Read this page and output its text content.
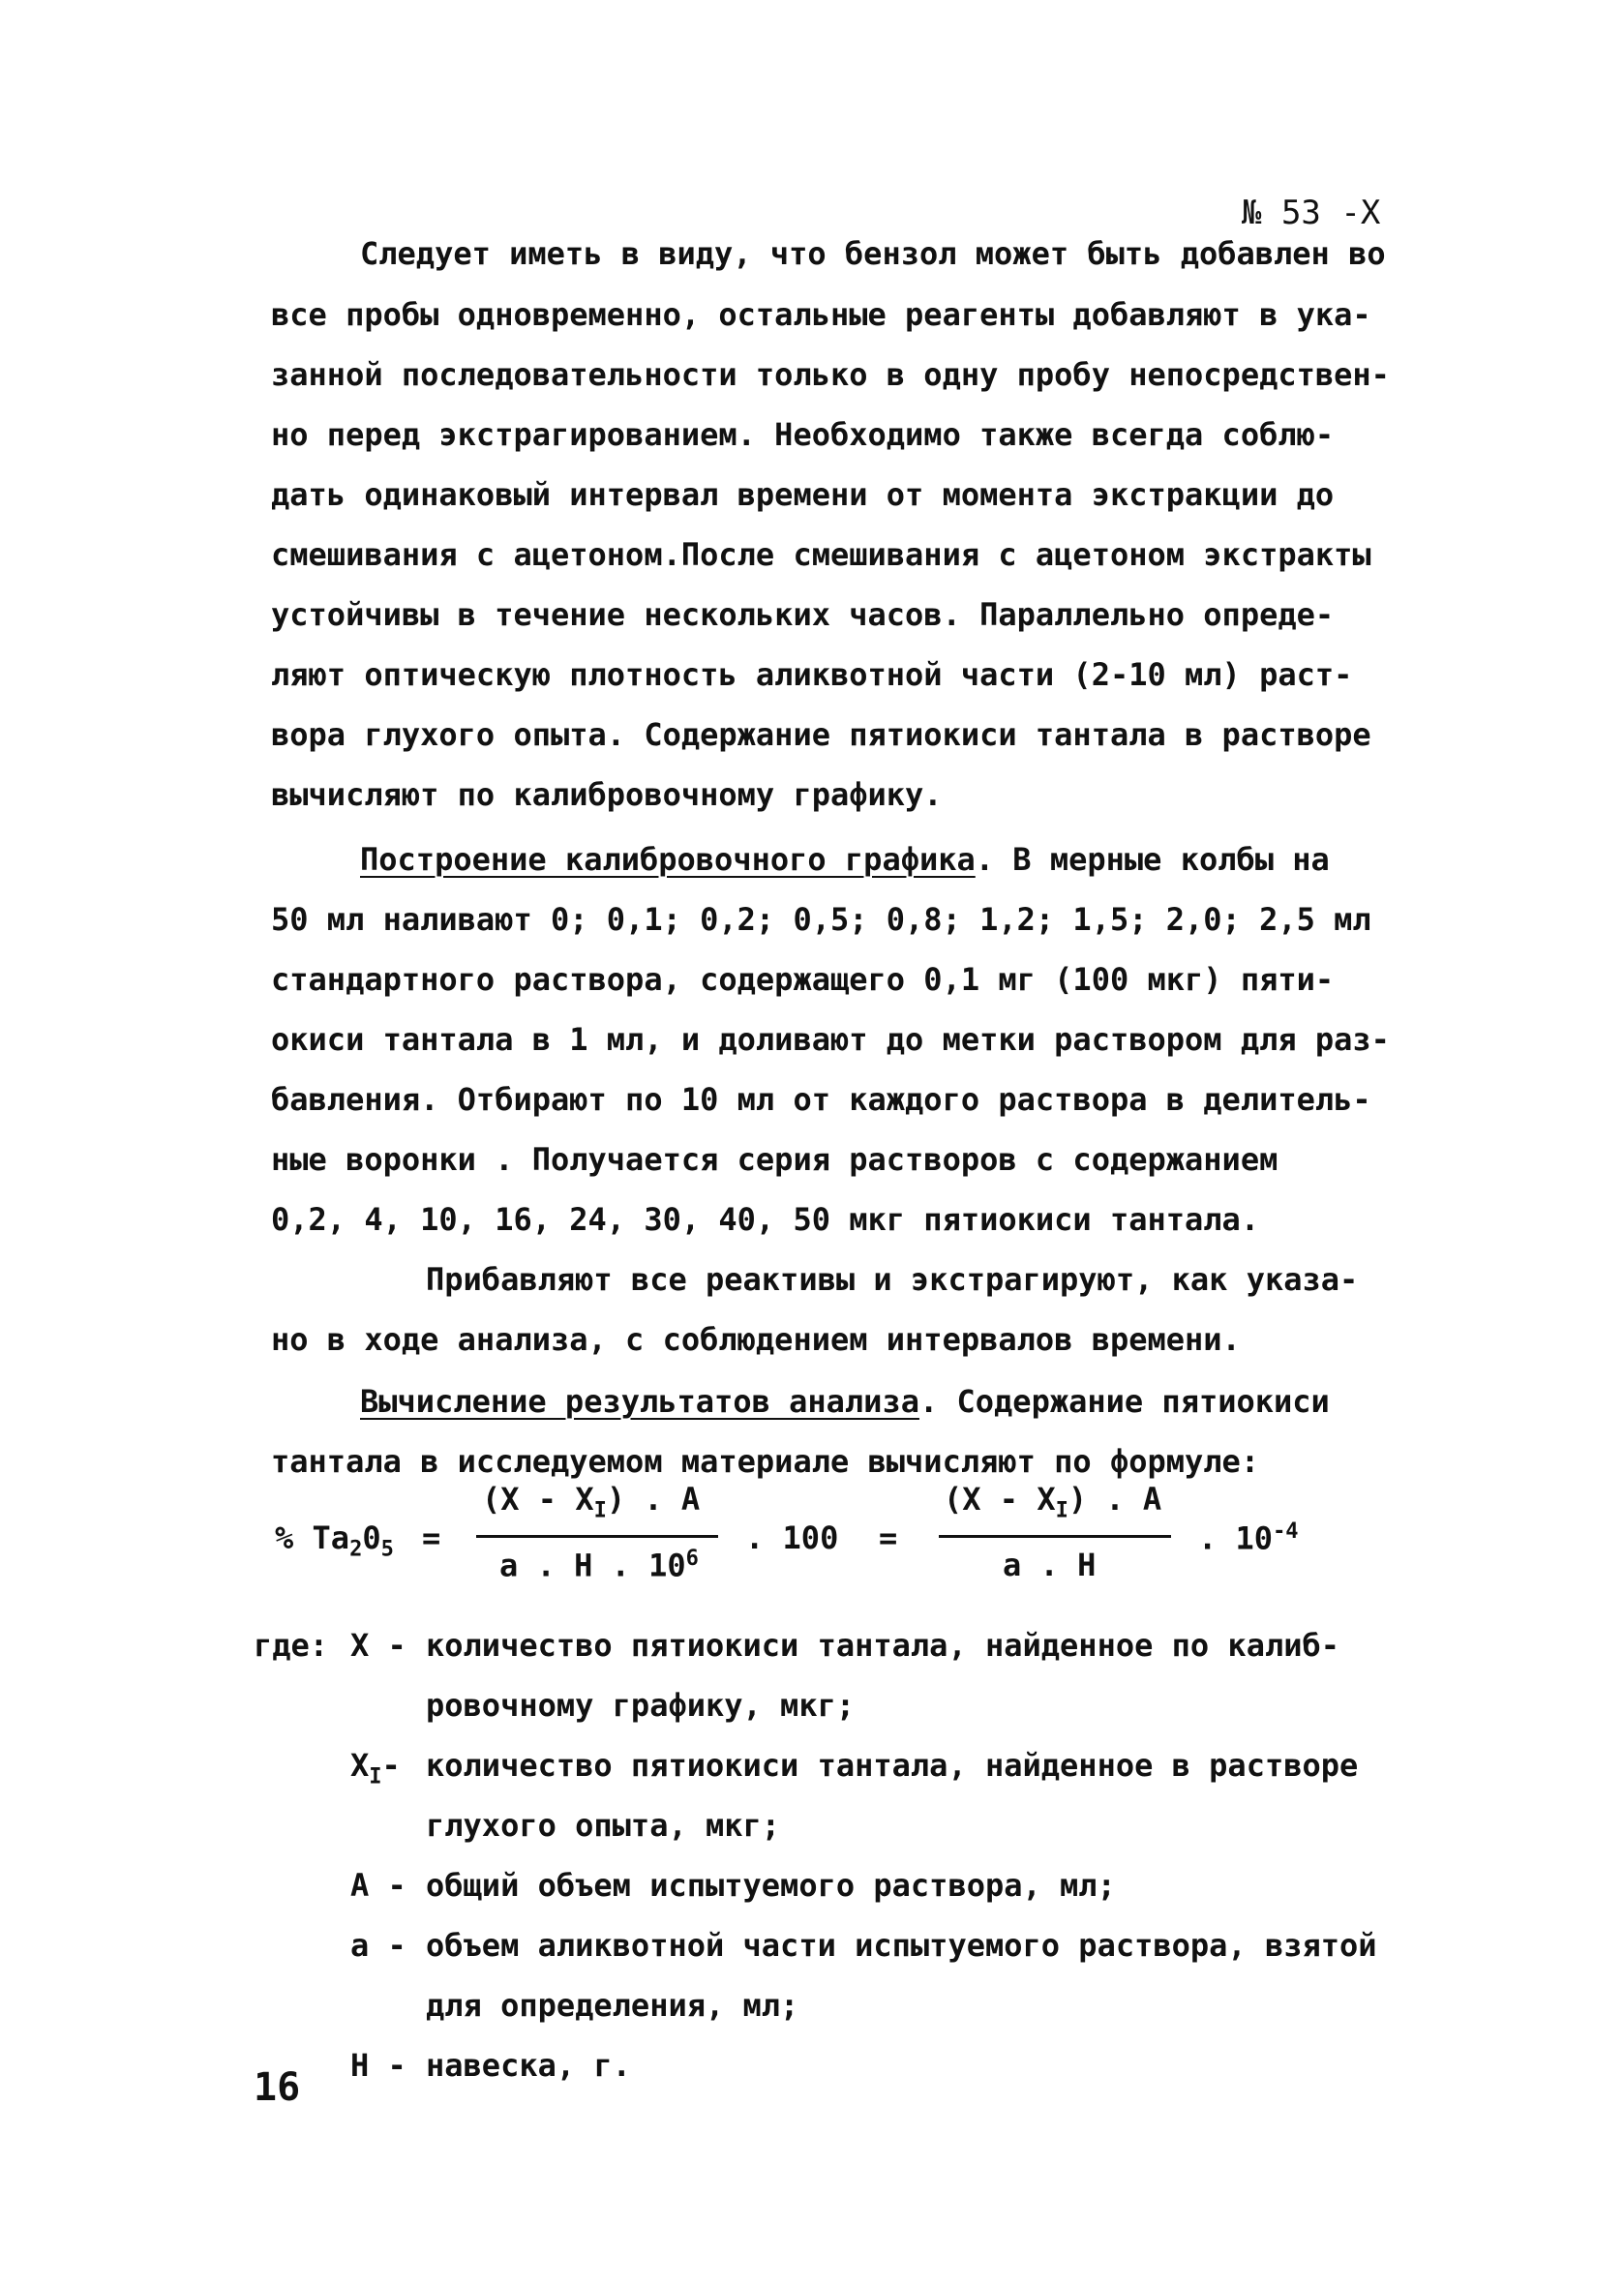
№ 53 -Х
Следует иметь в виду, что бензол может быть добавлен во
все пробы одновременно, остальные реагенты добавляют в ука-
занной последовательности только в одну пробу непосредствен-
но перед экстрагированием. Необходимо также всегда соблю-
дать одинаковый интервал времени от момента экстракции до
смешивания с ацетоном.После смешивания с ацетоном экстракты
устойчивы в течение нескольких часов. Параллельно опреде-
ляют оптическую плотность аликвотной части (2-10 мл) раст-
вора глухого опыта. Содержание пятиокиси тантала в растворе
вычисляют по калибровочному графику.
Построение калибровочного графика. В мерные колбы на
50 мл наливают 0; 0,1; 0,2; 0,5; 0,8; 1,2; 1,5; 2,0; 2,5 мл
стандартного раствора, содержащего 0,1 мг (100 мкг) пяти-
окиси тантала в 1 мл, и доливают до метки раствором для раз-
бавления. Отбирают по 10 мл от каждого раствора в делитель-
ные воронки . Получается серия растворов с содержанием
0,2, 4, 10, 16, 24, 30, 40, 50 мкг пятиокиси тантала.
Прибавляют все реактивы и экстрагируют, как указа-
но в ходе анализа, с соблюдением интервалов времени.
Вычисление результатов анализа. Содержание пятиокиси
тантала в исследуемом материале вычисляют по формуле:
% $Ta_20_5$ =
$(X - X_I)$ . A
a . H . $10^6$
. 100 =
$(X - X_I)$ . A
a . H
. $10^{-4}$
где: X - количество пятиокиси тантала, найденное по калиб-
ровочному графику, мкг;
$X_I-$ количество пятиокиси тантала, найденное в растворе
глухого опыта, мкг;
A - общий объем испытуемого раствора, мл;
a - объем аликвотной части испытуемого раствора, взятой
для определения, мл;
H - навеска, г.
16
